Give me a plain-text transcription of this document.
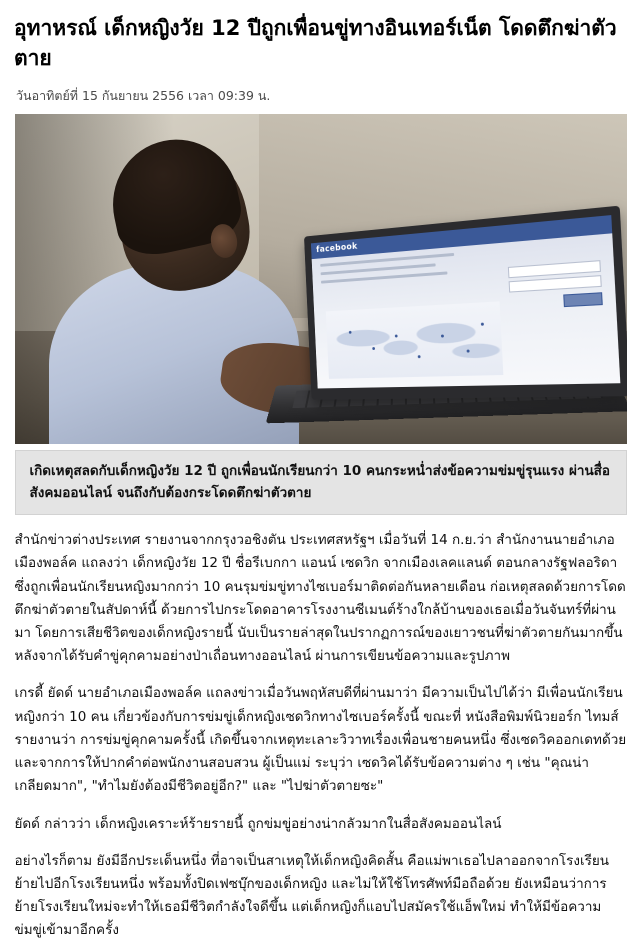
อุทาหรณ์ เด็กหญิงวัย 12 ปีถูกเพื่อนขู่ทางอินเทอร์เน็ต โดดตึกฆ่าตัวตาย
วันอาทิตย์ที่ 15 กันยายน 2556 เวลา 09:39 น.
facebook

เกิดเหตุสลดกับเด็กหญิงวัย 12 ปี ถูกเพื่อนนักเรียนกว่า 10 คนกระหน่ำส่งข้อความข่มขู่รุนแรง ผ่านสื่อสังคมออนไลน์ จนถึงกับต้องกระโดดตึกฆ่าตัวตาย

สำนักข่าวต่างประเทศ รายงานจากกรุงวอชิงตัน ประเทศสหรัฐฯ เมื่อวันที่ 14 ก.ย.ว่า สำนักงานนายอำเภอเมืองพอล์ค แถลงว่า เด็กหญิงวัย 12 ปี ชื่อรีเบกกา แอนน์ เซดวิก จากเมืองเลคแลนด์ ตอนกลางรัฐฟลอริดา ซึ่งถูกเพื่อนนักเรียนหญิงมากกว่า 10 คนรุมข่มขู่ทางไซเบอร์มาติดต่อกันหลายเดือน ก่อเหตุสลดด้วยการโดดตึกฆ่าตัวตายในสัปดาห์นี้ ด้วยการไปกระโดดอาคารโรงงานซีเมนต์ร้างใกล้บ้านของเธอเมื่อวันจันทร์ที่ผ่านมา โดยการเสียชีวิตของเด็กหญิงรายนี้ นับเป็นรายล่าสุดในปรากฏการณ์ของเยาวชนที่ฆ่าตัวตายกันมากขึ้น หลังจากได้รับคำขู่คุกคามอย่างป่าเถื่อนทางออนไลน์ ผ่านการเขียนข้อความและรูปภาพ

เกรดี้ ยัดด์ นายอำเภอเมืองพอล์ค แถลงข่าวเมื่อวันพฤหัสบดีที่ผ่านมาว่า มีความเป็นไปได้ว่า มีเพื่อนนักเรียนหญิงกว่า 10 คน เกี่ยวข้องกับการข่มขู่เด็กหญิงเซดวิกทางไซเบอร์ครั้งนี้ ขณะที่ หนังสือพิมพ์นิวยอร์ก ไทมส์ รายงานว่า การข่มขู่คุกคามครั้งนี้ เกิดขึ้นจากเหตุทะเลาะวิวาทเรื่องเพื่อนชายคนหนึ่ง ซึ่งเซดวิคออกเดทด้วย และจากการให้ปากคำต่อพนักงานสอบสวน ผู้เป็นแม่ ระบุว่า เซดวิคได้รับข้อความต่าง ๆ เช่น "คุณน่าเกลียดมาก", "ทำไมยังต้องมีชีวิตอยู่อีก?" และ "ไปฆ่าตัวตายซะ"

ยัดด์ กล่าวว่า เด็กหญิงเคราะห์ร้ายรายนี้ ถูกข่มขู่อย่างน่ากลัวมากในสื่อสังคมออนไลน์

อย่างไรก็ตาม ยังมีอีกประเด็นหนึ่ง ที่อาจเป็นสาเหตุให้เด็กหญิงคิดสั้น คือแม่พาเธอไปลาออกจากโรงเรียน ย้ายไปอีกโรงเรียนหนึ่ง พร้อมทั้งปิดเฟซบุ๊กของเด็กหญิง และไม่ให้ใช้โทรศัพท์มือถือด้วย ยังเหมือนว่าการย้ายโรงเรียนใหม่จะทำให้เธอมีชีวิตกำลังใจดีขึ้น แต่เด็กหญิงก็แอบไปสมัครใช้แอ็พใหม่ ทำให้มีข้อความข่มขู่เข้ามาอีกครั้ง
